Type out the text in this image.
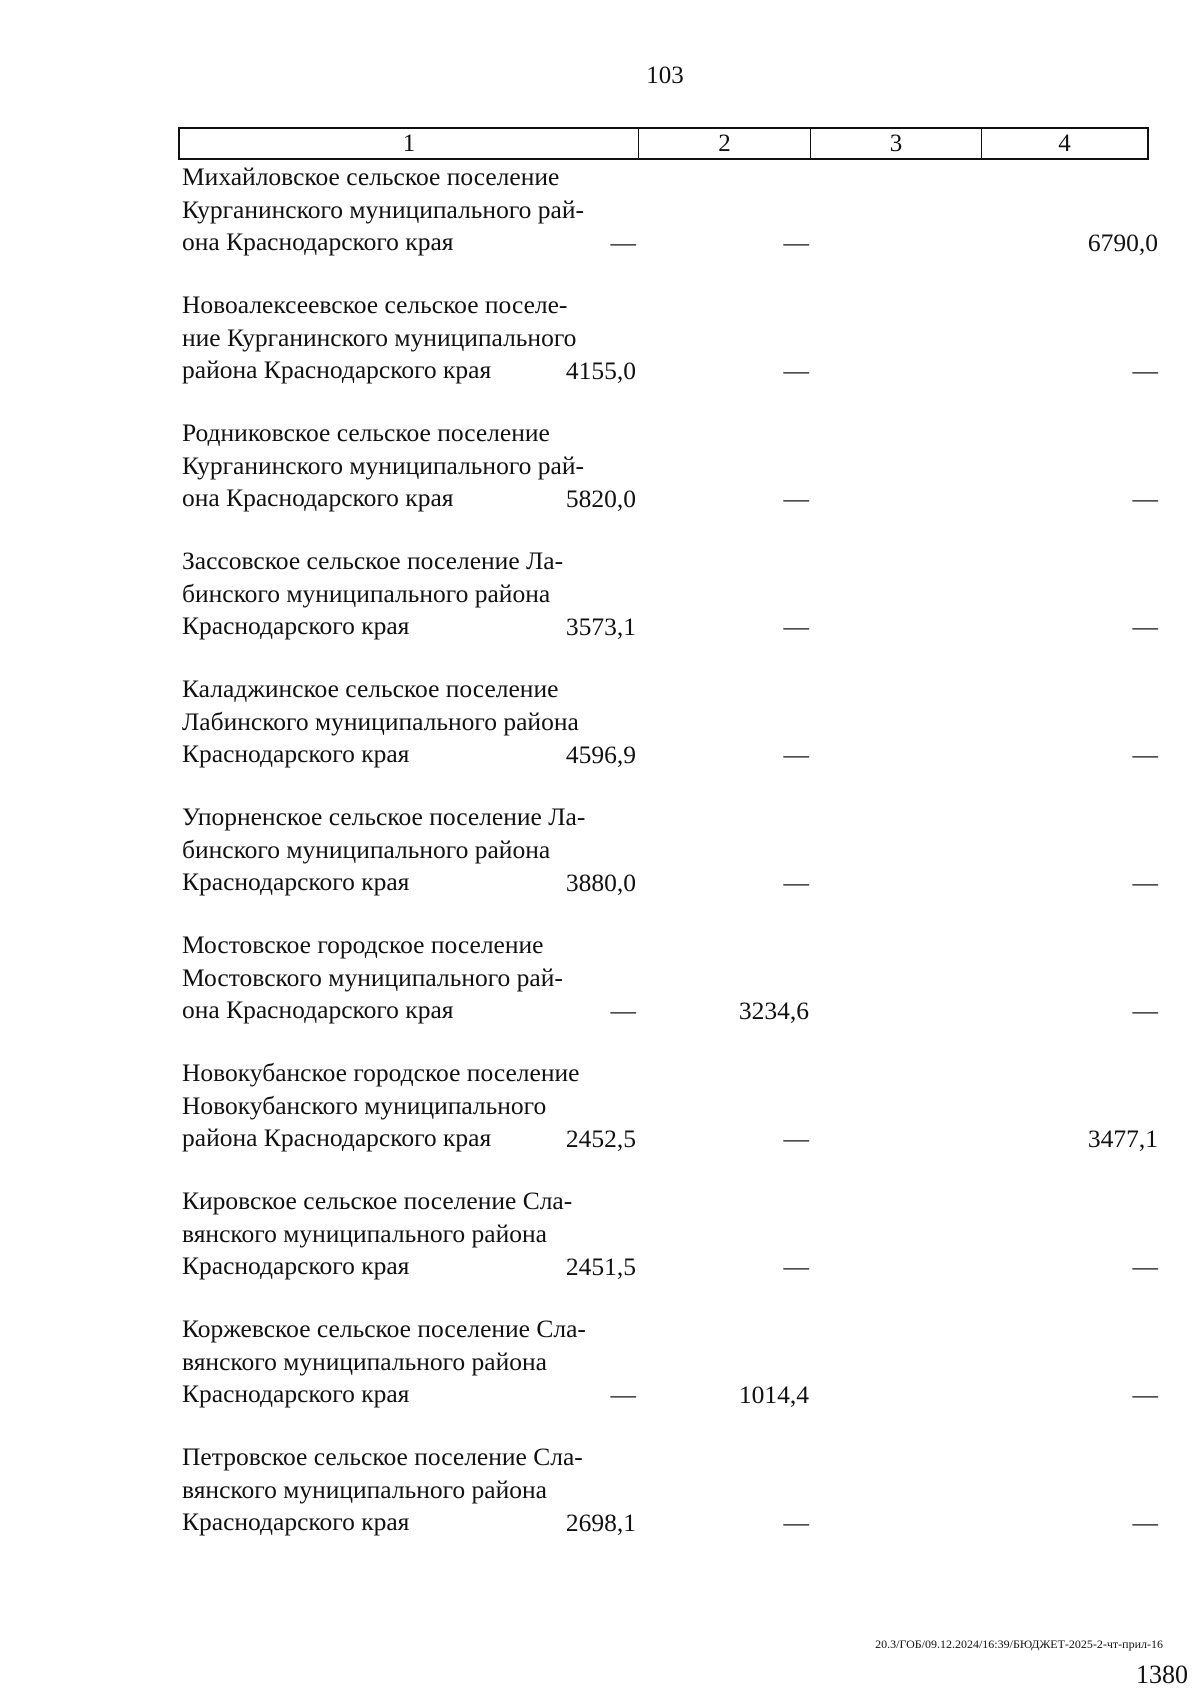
103
1	2	3	4
Михайловское сельское поселение
Курганинского муниципального рай-
она Краснодарского края	—	—	6790,0
Новоалексеевское сельское поселе-
ние Курганинского муниципального
района Краснодарского края	4155,0	—	—
Родниковское сельское поселение
Курганинского муниципального рай-
она Краснодарского края	5820,0	—	—
Зассовское сельское поселение Ла-
бинского муниципального района
Краснодарского края	3573,1	—	—
Каладжинское сельское поселение
Лабинского муниципального района
Краснодарского края	4596,9	—	—
Упорненское сельское поселение Ла-
бинского муниципального района
Краснодарского края	3880,0	—	—
Мостовское городское поселение
Мостовского муниципального рай-
она Краснодарского края	—	3234,6	—
Новокубанское городское поселение
Новокубанского муниципального
района Краснодарского края	2452,5	—	3477,1
Кировское сельское поселение Сла-
вянского муниципального района
Краснодарского края	2451,5	—	—
Коржевское сельское поселение Сла-
вянского муниципального района
Краснодарского края	—	1014,4	—
Петровское сельское поселение Сла-
вянского муниципального района
Краснодарского края	2698,1	—	—
20.3/ГОБ/09.12.2024/16:39/БЮДЖЕТ-2025-2-чт-прил-16
1380
